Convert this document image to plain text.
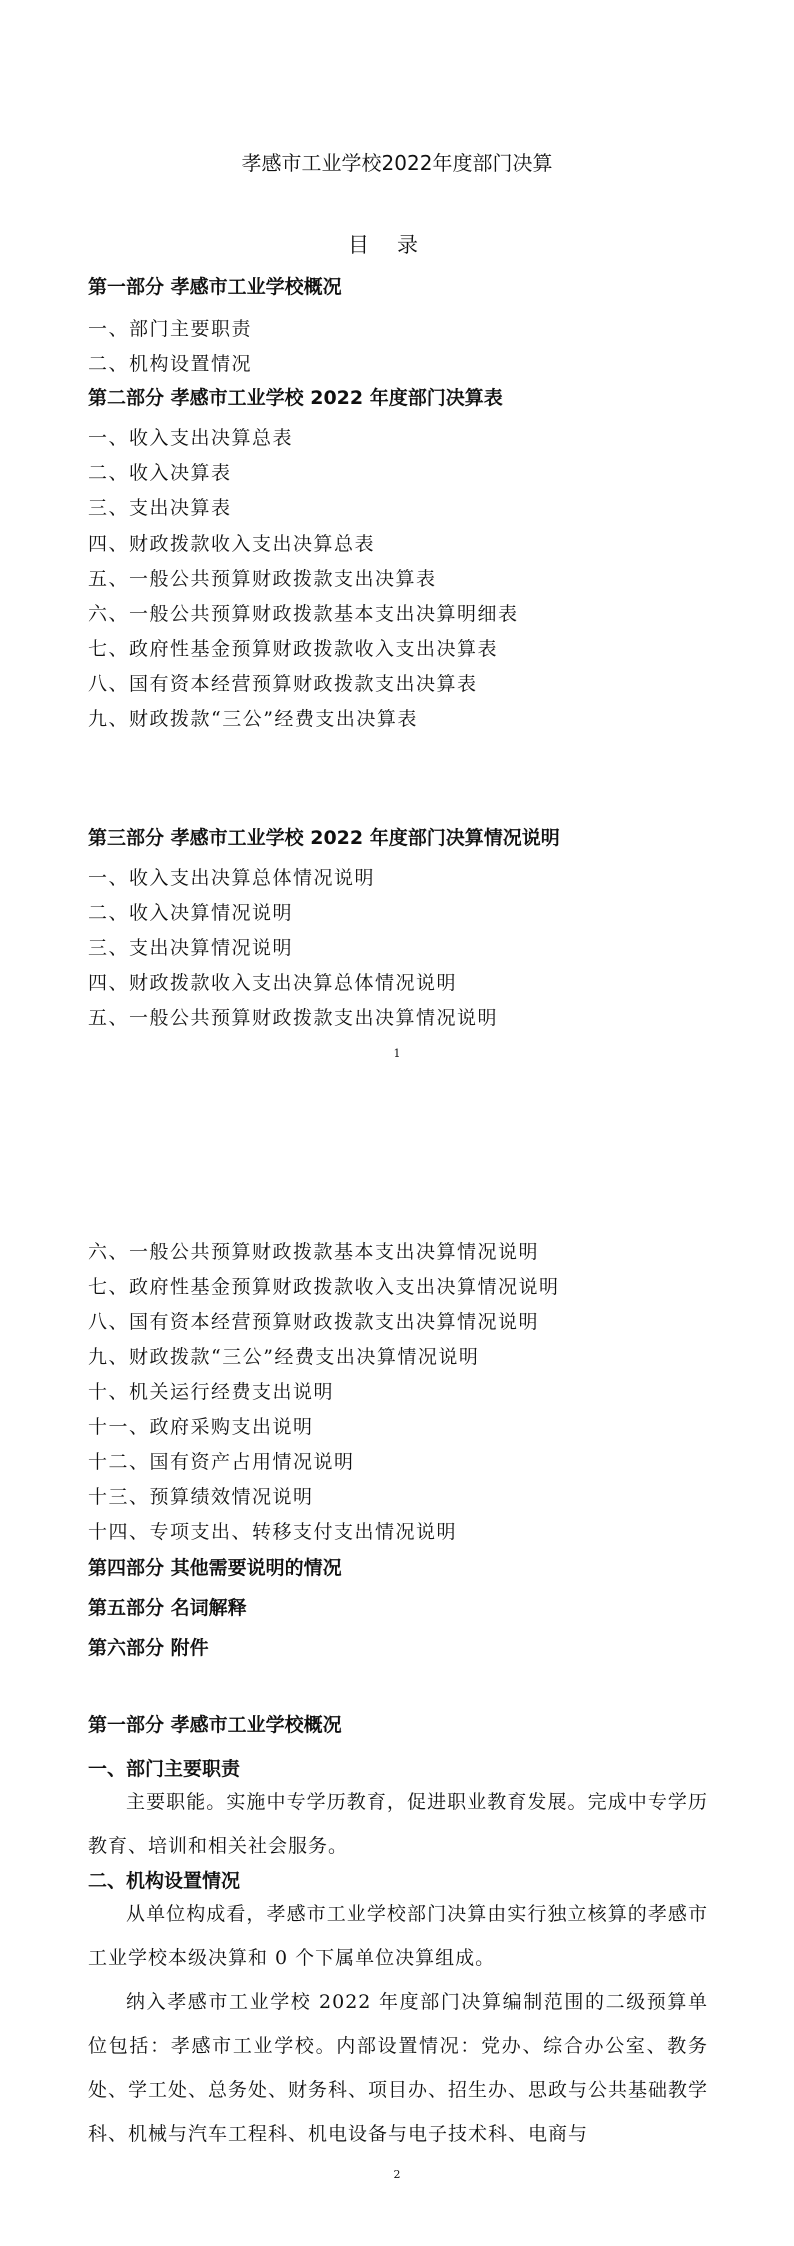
孝感市工业学校2022年度部门决算
目录
第一部分 孝感市工业学校概况
一、部门主要职责
二、机构设置情况
第二部分 孝感市工业学校 2022 年度部门决算表
一、收入支出决算总表
二、收入决算表
三、支出决算表
四、财政拨款收入支出决算总表
五、一般公共预算财政拨款支出决算表
六、一般公共预算财政拨款基本支出决算明细表
七、政府性基金预算财政拨款收入支出决算表
八、国有资本经营预算财政拨款支出决算表
九、财政拨款“三公”经费支出决算表
第三部分 孝感市工业学校 2022 年度部门决算情况说明
一、收入支出决算总体情况说明
二、收入决算情况说明
三、支出决算情况说明
四、财政拨款收入支出决算总体情况说明
五、一般公共预算财政拨款支出决算情况说明
1
六、一般公共预算财政拨款基本支出决算情况说明
七、政府性基金预算财政拨款收入支出决算情况说明
八、国有资本经营预算财政拨款支出决算情况说明
九、财政拨款“三公”经费支出决算情况说明
十、机关运行经费支出说明
十一、政府采购支出说明
十二、国有资产占用情况说明
十三、预算绩效情况说明
十四、专项支出、转移支付支出情况说明
第四部分 其他需要说明的情况
第五部分 名词解释
第六部分 附件
第一部分 孝感市工业学校概况
一、部门主要职责
主要职能。实施中专学历教育，促进职业教育发展。完成中专学历教育、培训和相关社会服务。
二、机构设置情况
从单位构成看，孝感市工业学校部门决算由实行独立核算的孝感市工业学校本级决算和 0 个下属单位决算组成。
纳入孝感市工业学校 2022 年度部门决算编制范围的二级预算单位包括：孝感市工业学校。内部设置情况：党办、综合办公室、教务处、学工处、总务处、财务科、项目办、招生办、思政与公共基础教学科、机械与汽车工程科、机电设备与电子技术科、电商与
2
